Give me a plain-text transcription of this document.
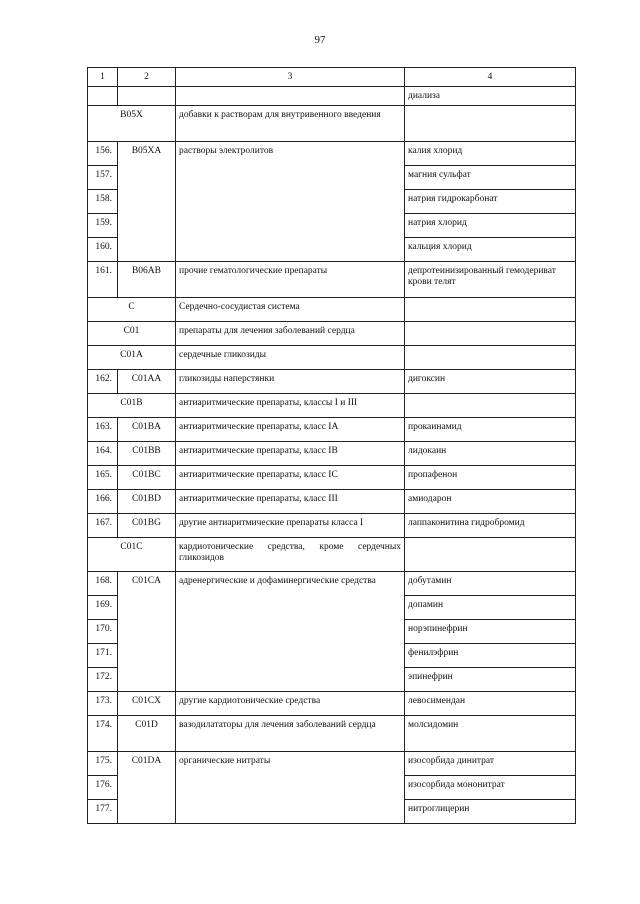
97
1	2	3	4
			диализа
B05X		добавки к растворам для внутривенного введения	
156.	B05XA	растворы электролитов	калия хлорид
157.			магния сульфат
158.			натрия гидрокарбонат
159.			натрия хлорид
160.			кальция хлорид
161.	B06AB	прочие гематологические препараты	депротеинизированный гемодериват крови телят
C		Сердечно-сосудистая система	
C01		препараты для лечения заболеваний сердца	
C01A		сердечные гликозиды	
162.	C01AA	гликозиды наперстянки	дигоксин
C01B		антиаритмические препараты, классы I и III	
163.	C01BA	антиаритмические препараты, класс IA	прокаинамид
164.	C01BB	антиаритмические препараты, класс IB	лидокаин
165.	C01BC	антиаритмические препараты, класс IC	пропафенон
166.	C01BD	антиаритмические препараты, класс III	амиодарон
167.	C01BG	другие антиаритмические препараты класса I	лаппаконитина гидробромид
C01C		кардиотонические средства, кроме сердечных гликозидов	
168.	C01CA	адренергические и дофаминергические средства	добутамин
169.			допамин
170.			норэпинефрин
171.			фенилэфрин
172.			эпинефрин
173.	C01CX	другие кардиотонические средства	левосимендан
174.	C01D	вазодилататоры для лечения заболеваний сердца	молсидомин
175.	C01DA	органические нитраты	изосорбида динитрат
176.			изосорбида мононитрат
177.			нитроглицерин
